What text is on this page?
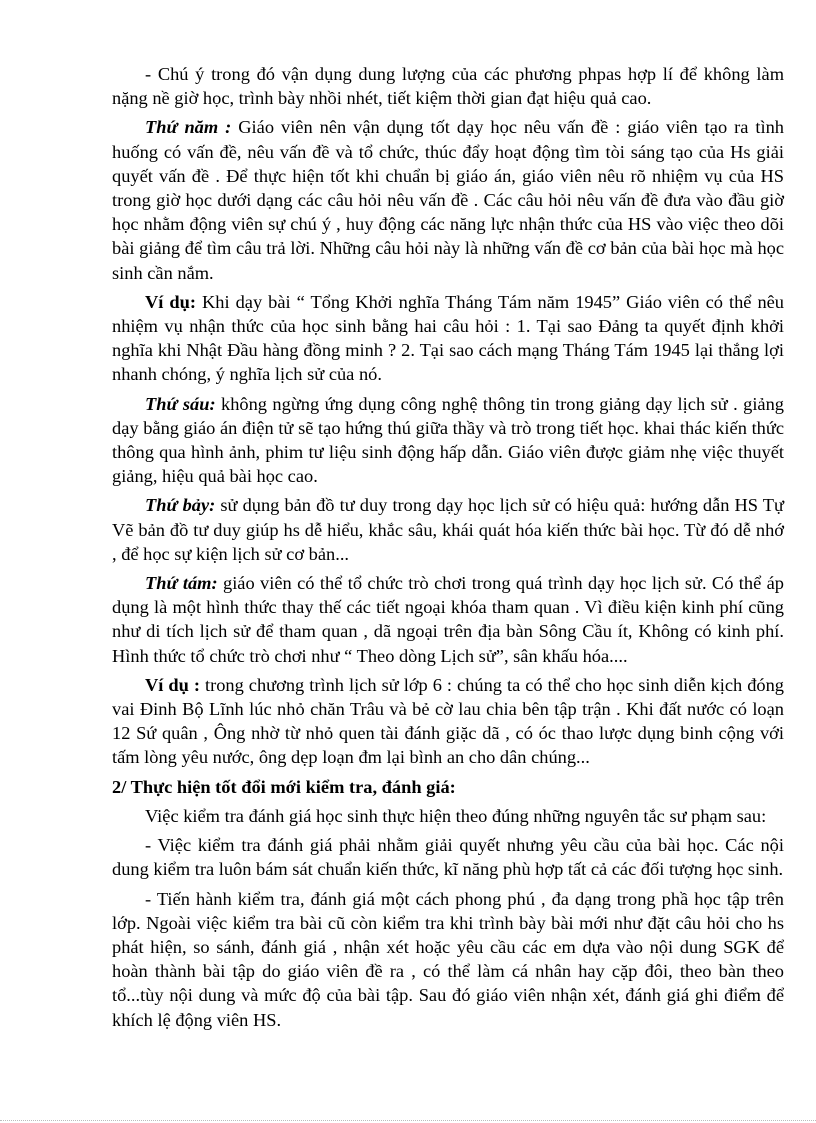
- Chú ý trong đó vận dụng dung lượng của các phương phpas hợp lí để không làm nặng nề giờ học, trình bày nhồi nhét, tiết kiệm thời gian đạt hiệu quả cao.

Thứ năm : Giáo viên nên vận dụng tốt dạy học nêu vấn đề : giáo viên tạo ra tình huống có vấn đề, nêu vấn đề và tổ chức, thúc đẩy hoạt động tìm tòi sáng tạo của Hs giải quyết vấn đề . Để thực hiện tốt khi chuẩn bị giáo án, giáo viên nêu rõ nhiệm vụ của HS trong giờ học dưới dạng các câu hỏi nêu vấn đề . Các câu hỏi nêu vấn đề đưa vào đầu giờ học nhằm động viên sự chú ý , huy động các năng lực nhận thức của HS vào việc theo dõi bài giảng để tìm câu trả lời. Những câu hỏi này là những vấn đề cơ bản của bài học mà học sinh cần nắm.

Ví dụ: Khi dạy bài “ Tổng Khởi nghĩa Tháng Tám năm 1945” Giáo viên có thể nêu nhiệm vụ nhận thức của học sinh bằng hai câu hỏi : 1. Tại sao Đảng ta quyết định khởi nghĩa khi Nhật Đầu hàng đồng minh ? 2. Tại sao cách mạng Tháng Tám 1945 lại thắng lợi nhanh chóng, ý nghĩa lịch sử của nó.

Thứ sáu: không ngừng ứng dụng công nghệ thông tin trong giảng dạy lịch sử . giảng dạy bằng giáo án điện tử sẽ tạo hứng thú giữa thầy và trò trong tiết học. khai thác kiến thức thông qua hình ảnh, phim tư liệu sinh động hấp dẫn. Giáo viên được giảm nhẹ việc thuyết giảng, hiệu quả bài học cao.

Thứ bảy: sử dụng bản đồ tư duy trong dạy học lịch sử có hiệu quả: hướng dẫn HS Tự Vẽ bản đồ tư duy giúp hs dễ hiểu, khắc sâu, khái quát hóa kiến thức bài học. Từ đó dễ nhớ , để học sự kiện lịch sử cơ bản...

Thứ tám: giáo viên có thể tổ chức trò chơi trong quá trình dạy học lịch sử. Có thể áp dụng là một hình thức thay thế các tiết ngoại khóa tham quan . Vì điều kiện kinh phí cũng như di tích lịch sử để tham quan , dã ngoại trên địa bàn Sông Cầu ít, Không có kinh phí. Hình thức tổ chức trò chơi như “ Theo dòng Lịch sử”, sân khấu hóa....

Ví dụ : trong chương trình lịch sử lớp 6 : chúng ta có thể cho học sinh diễn kịch đóng vai Đinh Bộ Lĩnh lúc nhỏ chăn Trâu và bẻ cờ lau chia bên tập trận . Khi đất nước có loạn 12 Sứ quân , Ông nhờ từ nhỏ quen tài đánh giặc dã , có óc thao lược dụng binh cộng với tấm lòng yêu nước, ông dẹp loạn đm lại bình an cho dân chúng...

2/ Thực hiện tốt đổi mới kiểm tra, đánh giá:

Việc kiểm tra đánh giá học sinh thực hiện theo đúng những nguyên tắc sư phạm sau:

- Việc kiểm tra đánh giá phải nhằm giải quyết nhưng yêu cầu của bài học. Các nội dung kiểm tra luôn bám sát chuẩn kiến thức, kĩ năng phù hợp tất cả các đối tượng học sinh.

- Tiến hành kiểm tra, đánh giá một cách phong phú , đa dạng trong phầ học tập trên lớp. Ngoài việc kiểm tra bài cũ còn kiểm tra khi trình bày bài mới như đặt câu hỏi cho hs phát hiện, so sánh, đánh giá , nhận xét hoặc yêu cầu các em dựa vào nội dung SGK để hoàn thành bài tập do giáo viên đề ra , có thể làm cá nhân hay cặp đôi, theo bàn theo tổ...tùy nội dung và mức độ của bài tập. Sau đó giáo viên nhận xét, đánh giá ghi điểm để khích lệ động viên HS.
